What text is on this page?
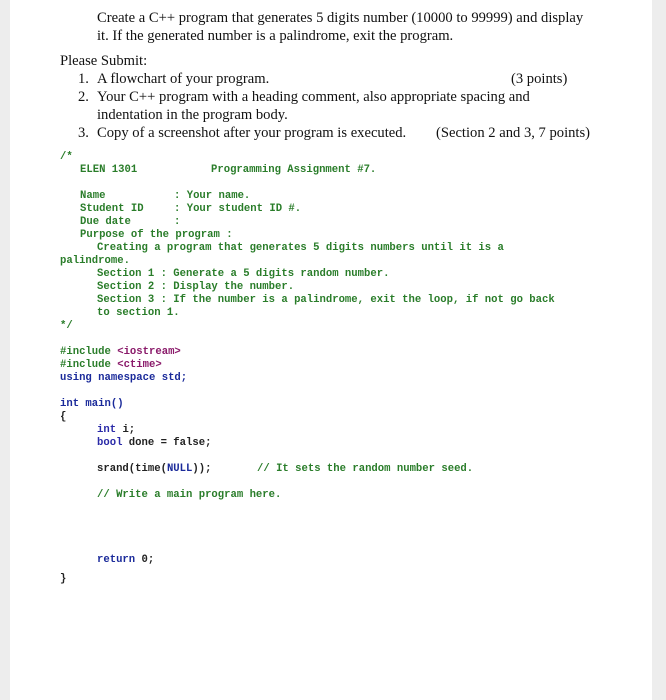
Create a C++ program that generates 5 digits number (10000 to 99999) and display
it. If the generated number is a palindrome, exit the program.
Please Submit:
1. A flowchart of your program.	(3 points)
2. Your C++ program with a heading comment, also appropriate spacing and
indentation in the program body.
3. Copy of a screenshot after your program is executed. (Section 2 and 3, 7 points)
/*
ELEN 1301	Programming Assignment #7.
Name	: Your name.
Student ID	: Your student ID #.
Due date	:
Purpose of the program :
Creating a program that generates 5 digits numbers until it is a
palindrome.
Section 1 : Generate a 5 digits random number.
Section 2 : Display the number.
Section 3 : If the number is a palindrome, exit the loop, if not go back
to section 1.
*/
#include <iostream>
#include <ctime>
using namespace std;
int main()
{
int i;
bool done = false;
srand(time(NULL));	// It sets the random number seed.
// Write a main program here.
return 0;
}
